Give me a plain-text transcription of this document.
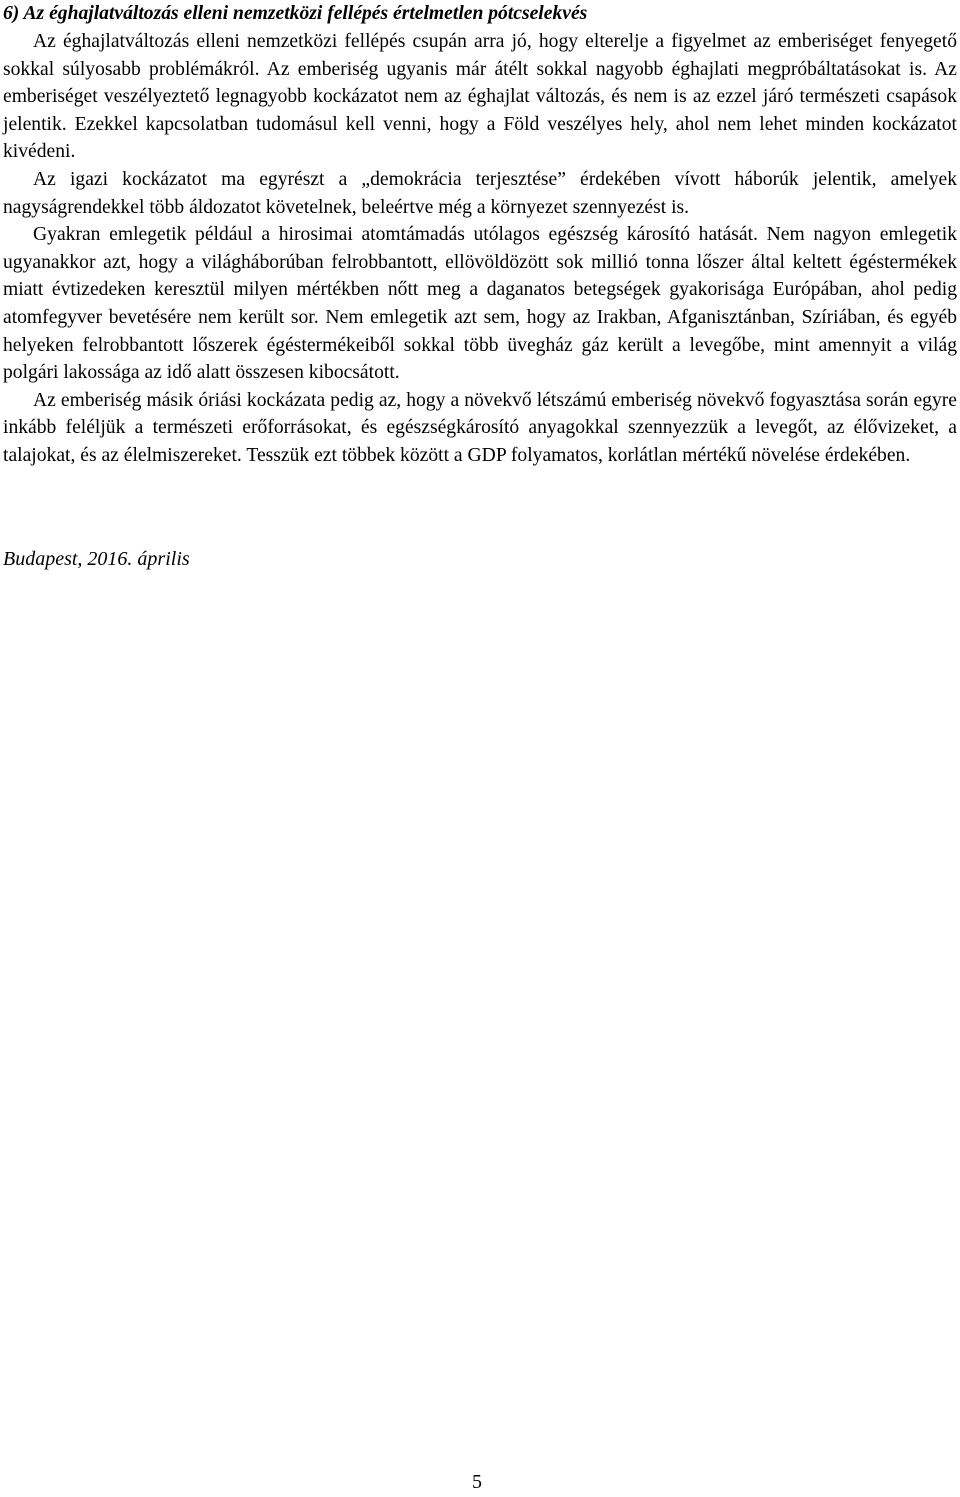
6) Az éghajlatváltozás elleni nemzetközi fellépés értelmetlen pótcselekvés

Az éghajlatváltozás elleni nemzetközi fellépés csupán arra jó, hogy elterelje a figyelmet az emberiséget fenyegető sokkal súlyosabb problémákról. Az emberiség ugyanis már átélt sokkal nagyobb éghajlati megpróbáltatásokat is. Az emberiséget veszélyeztető legnagyobb kockázatot nem az éghajlat változás, és nem is az ezzel járó természeti csapások jelentik. Ezekkel kapcsolatban tudomásul kell venni, hogy a Föld veszélyes hely, ahol nem lehet minden kockázatot kivédeni.

Az igazi kockázatot ma egyrészt a „demokrácia terjesztése” érdekében vívott háborúk jelentik, amelyek nagyságrendekkel több áldozatot követelnek, beleértve még a környezet szennyezést is.

Gyakran emlegetik például a hirosimai atomtámadás utólagos egészség károsító hatását. Nem nagyon emlegetik ugyanakkor azt, hogy a világháborúban felrobbantott, ellövöldözött sok millió tonna lőszer által keltett égéstermékek miatt évtizedeken keresztül milyen mértékben nőtt meg a daganatos betegségek gyakorisága Európában, ahol pedig atomfegyver bevetésére nem került sor. Nem emlegetik azt sem, hogy az Irakban, Afganisztánban, Szíriában, és egyéb helyeken felrobbantott lőszerek égéstermékeiből sokkal több üvegház gáz került a levegőbe, mint amennyit a világ polgári lakossága az idő alatt összesen kibocsátott.

Az emberiség másik óriási kockázata pedig az, hogy a növekvő létszámú emberiség növekvő fogyasztása során egyre inkább feléljük a természeti erőforrásokat, és egészségkárosító anyagokkal szennyezzük a levegőt, az élővizeket, a talajokat, és az élelmiszereket. Tesszük ezt többek között a GDP folyamatos, korlátlan mértékű növelése érdekében.

Budapest, 2016. április

5
